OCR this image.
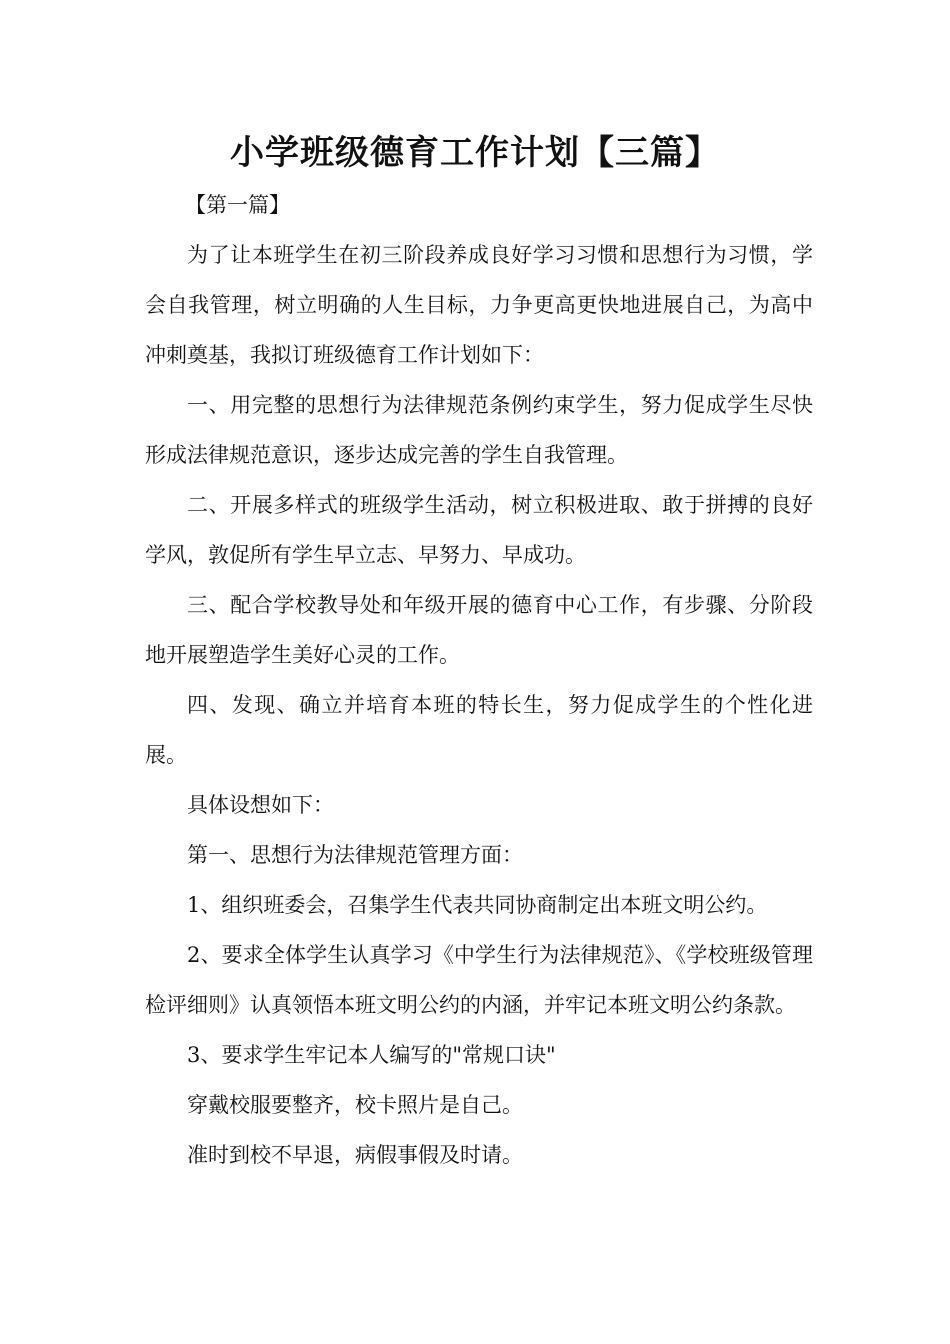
小学班级德育工作计划【三篇】

【第一篇】

为了让本班学生在初三阶段养成良好学习习惯和思想行为习惯，学会自我管理，树立明确的人生目标，力争更高更快地进展自己，为高中冲刺奠基，我拟订班级德育工作计划如下：

一、用完整的思想行为法律规范条例约束学生，努力促成学生尽快形成法律规范意识，逐步达成完善的学生自我管理。

二、开展多样式的班级学生活动，树立积极进取、敢于拼搏的良好学风，敦促所有学生早立志、早努力、早成功。

三、配合学校教导处和年级开展的德育中心工作，有步骤、分阶段地开展塑造学生美好心灵的工作。

四、发现、确立并培育本班的特长生，努力促成学生的个性化进展。

具体设想如下：

第一、思想行为法律规范管理方面：

1、组织班委会，召集学生代表共同协商制定出本班文明公约。

2、要求全体学生认真学习《中学生行为法律规范》、《学校班级管理检评细则》认真领悟本班文明公约的内涵，并牢记本班文明公约条款。

3、要求学生牢记本人编写的"常规口诀"

穿戴校服要整齐，校卡照片是自己。

准时到校不早退，病假事假及时请。
